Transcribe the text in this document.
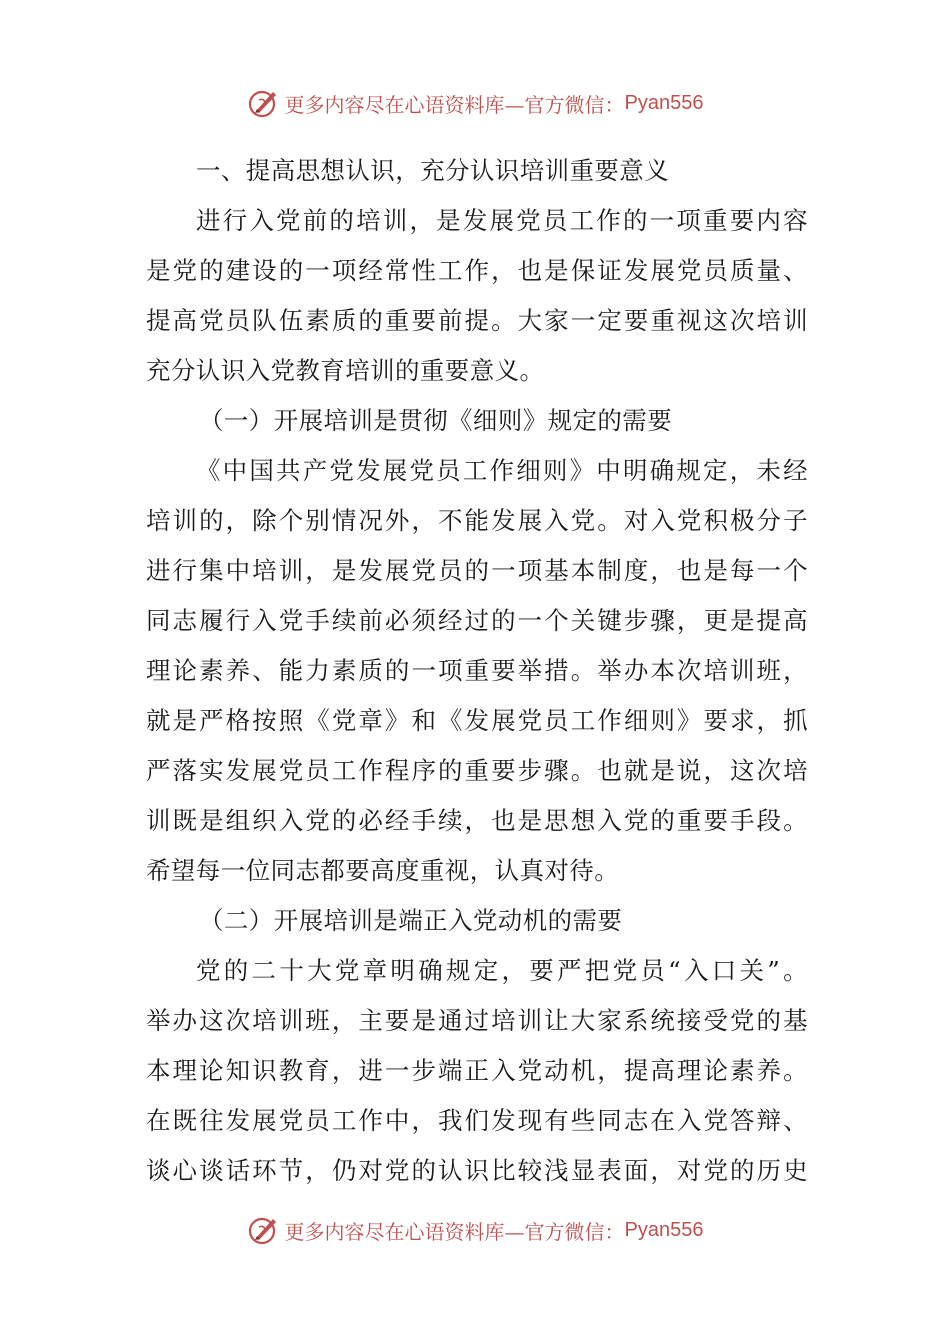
更多内容尽在心语资料库—官方微信： Pyan556
一、提高思想认识，充分认识培训重要意义
进行入党前的培训，是发展党员工作的一项重要内容
是党的建设的一项经常性工作，也是保证发展党员质量、
提高党员队伍素质的重要前提。大家一定要重视这次培训
充分认识入党教育培训的重要意义。
（一）开展培训是贯彻《细则》规定的需要
《中国共产党发展党员工作细则》中明确规定，未经
培训的，除个别情况外，不能发展入党。对入党积极分子
进行集中培训，是发展党员的一项基本制度，也是每一个
同志履行入党手续前必须经过的一个关键步骤，更是提高
理论素养、能力素质的一项重要举措。举办本次培训班，
就是严格按照《党章》和《发展党员工作细则》要求，抓
严落实发展党员工作程序的重要步骤。也就是说，这次培
训既是组织入党的必经手续，也是思想入党的重要手段。
希望每一位同志都要高度重视，认真对待。
（二）开展培训是端正入党动机的需要
党的二十大党章明确规定，要严把党员“入口关”。
举办这次培训班，主要是通过培训让大家系统接受党的基
本理论知识教育，进一步端正入党动机，提高理论素养。
在既往发展党员工作中，我们发现有些同志在入党答辩、
谈心谈话环节，仍对党的认识比较浅显表面，对党的历史
更多内容尽在心语资料库—官方微信： Pyan556
